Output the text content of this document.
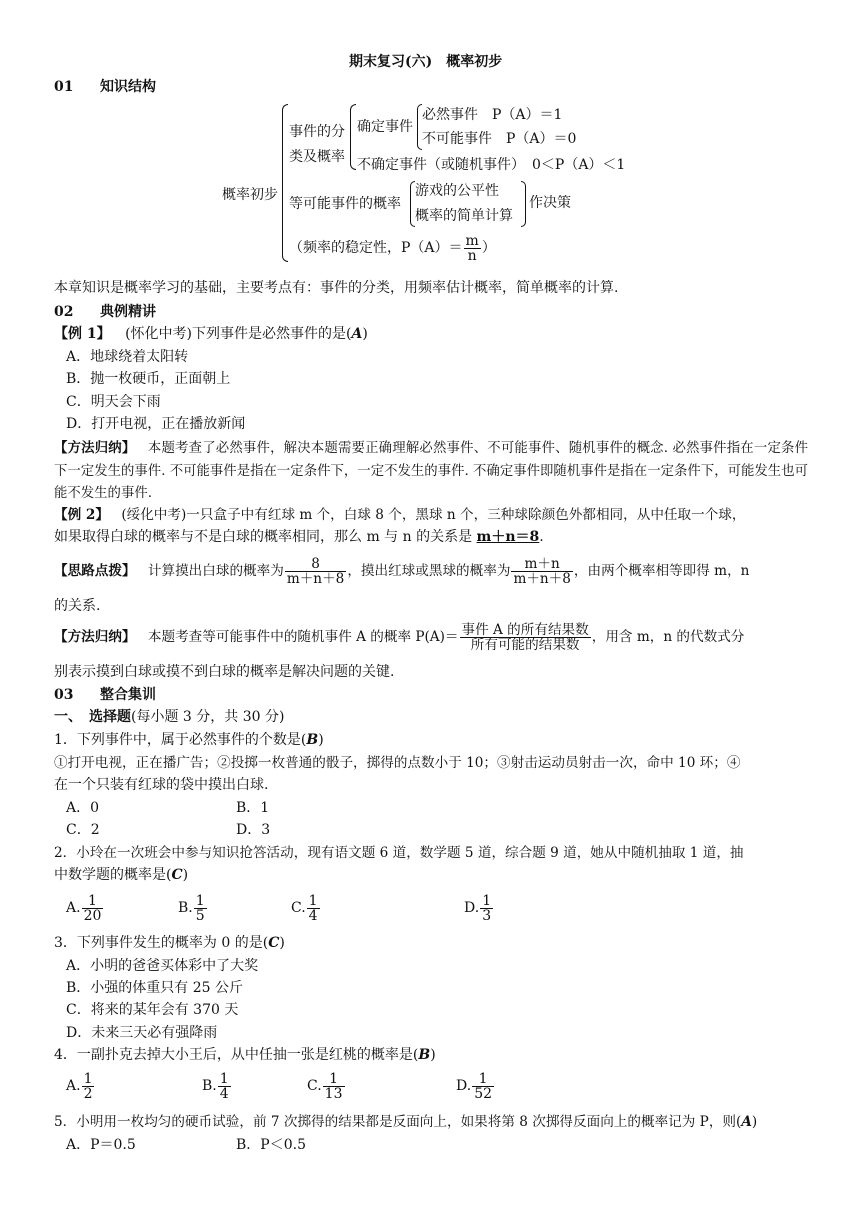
期末复习(六)　概率初步
01 知识结构
概率初步
事件的分
类及概率
确定事件
必然事件　P（A）＝1
不可能事件　P（A）＝0
不确定事件（或随机事件）　0＜P（A）＜1
等可能事件的概率
游戏的公平性
概率的简单计算
作决策
（频率的稳定性，$P(A)= \frac{m}{n}$ ）
本章知识是概率学习的基础，主要考点有：事件的分类，用频率估计概率，简单概率的计算.
02 典例精讲
【例 1】 (怀化中考)下列事件是必然事件的是(A)
A．地球绕着太阳转
B．抛一枚硬币，正面朝上
C．明天会下雨
D．打开电视，正在播放新闻
【方法归纳】 本题考查了必然事件，解决本题需要正确理解必然事件、不可能事件、随机事件的概念. 必然事件指在一定条件下一定发生的事件. 不可能事件是指在一定条件下，一定不发生的事件. 不确定事件即随机事件是指在一定条件下，可能发生也可能不发生的事件.
【例 2】 (绥化中考)一只盒子中有红球 m 个，白球 8 个，黑球 n 个，三种球除颜色外都相同，从中任取一个球，
如果取得白球的概率与不是白球的概率相同，那么 m 与 n 的关系是 m＋n＝8.
【思路点拨】 计算摸出白球的概率为 $\frac{8}{m+n+8}$ ，摸出红球或黑球的概率为 $\frac{m+n}{m+n+8}$ ，由两个概率相等即得 m，n
的关系.
【方法归纳】 本题考查等可能事件中的随机事件 A 的概率 $P(A)= \frac{\text{事件 A 的所有结果数}}{\text{所有可能的结果数}}$ ，用含 m，n 的代数式分
别表示摸到白球或摸不到白球的概率是解决问题的关键.
03 整合集训
一、　选择题(每小题 3 分，共 30 分)
1．下列事件中，属于必然事件的个数是(B)
①打开电视，正在播广告；②投掷一枚普通的骰子，掷得的点数小于 10；③射击运动员射击一次，命中 10 环；④
在一个只装有红球的袋中摸出白球.
A．0	B．1
C．2	D．3
2．小玲在一次班会中参与知识抢答活动，现有语文题 6 道，数学题 5 道，综合题 9 道，她从中随机抽取 1 道，抽
中数学题的概率是(C)
A. $\frac{1}{20}$	B. $\frac{1}{5}$	C. $\frac{1}{4}$	D. $\frac{1}{3}$
3．下列事件发生的概率为 0 的是(C)
A．小明的爸爸买体彩中了大奖
B．小强的体重只有 25 公斤
C．将来的某年会有 370 天
D．未来三天必有强降雨
4．一副扑克去掉大小王后，从中任抽一张是红桃的概率是(B)
A. $\frac{1}{2}$	B. $\frac{1}{4}$	C. $\frac{1}{13}$	D. $\frac{1}{52}$
5．小明用一枚均匀的硬币试验，前 7 次掷得的结果都是反面向上，如果将第 8 次掷得反面向上的概率记为 P，则(A)
A．P＝0.5	B．P＜0.5
